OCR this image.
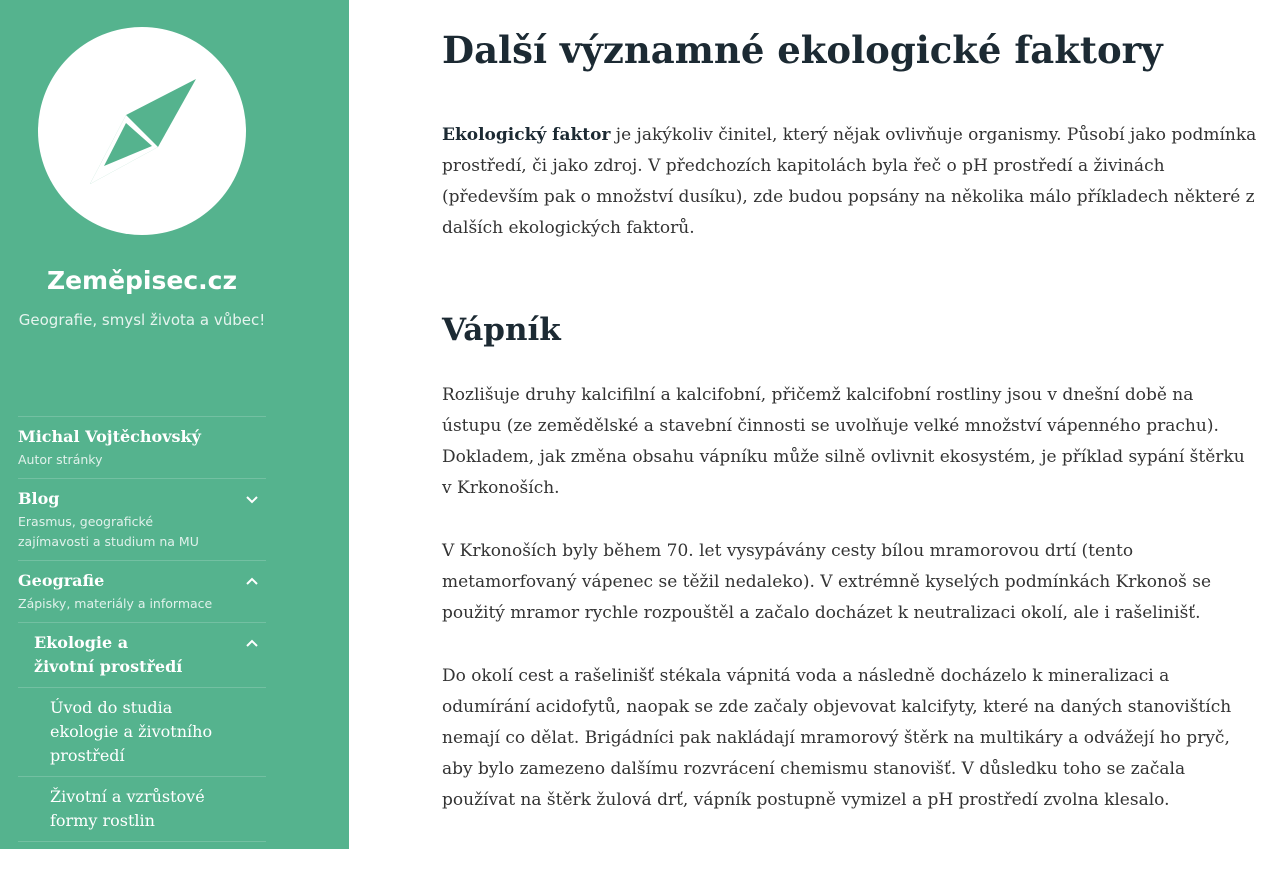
Zeměpisec.cz
Geografie, smysl života a vůbec!
Michal Vojtěchovský
Autor stránky
Blog
Erasmus, geografické zajímavosti a studium na MU
Geografie
Zápisky, materiály a informace
Ekologie a životní prostředí
Úvod do studia ekologie a životního prostředí
Životní a vzrůstové formy rostlin
Životní a populační
Další významné ekologické faktory

Ekologický faktor je jakýkoliv činitel, který nějak ovlivňuje organismy. Působí jako podmínka prostředí, či jako zdroj. V předchozích kapitolách byla řeč o pH prostředí a živinách (především pak o množství dusíku), zde budou popsány na několika málo příkladech některé z dalších ekologických faktorů.

Vápník

Rozlišuje druhy kalcifilní a kalcifobní, přičemž kalcifobní rostliny jsou v dnešní době na ústupu (ze zemědělské a stavební činnosti se uvolňuje velké množství vápenného prachu). Dokladem, jak změna obsahu vápníku může silně ovlivnit ekosystém, je příklad sypání štěrku v Krkonoších.

V Krkonoších byly během 70. let vysypávány cesty bílou mramorovou drtí (tento metamorfovaný vápenec se těžil nedaleko). V extrémně kyselých podmínkách Krkonoš se použitý mramor rychle rozpouštěl a začalo docházet k neutralizaci okolí, ale i rašelinišť.

Do okolí cest a rašelinišť stékala vápnitá voda a následně docházelo k mineralizaci a odumírání acidofytů, naopak se zde začaly objevovat kalcifyty, které na daných stanovištích nemají co dělat. Brigádníci pak nakládají mramorový štěrk na multikáry a odvážejí ho pryč, aby bylo zamezeno dalšímu rozvrácení chemismu stanovišť. V důsledku toho se začala používat na štěrk žulová drť, vápník postupně vymizel a pH prostředí zvolna klesalo.
